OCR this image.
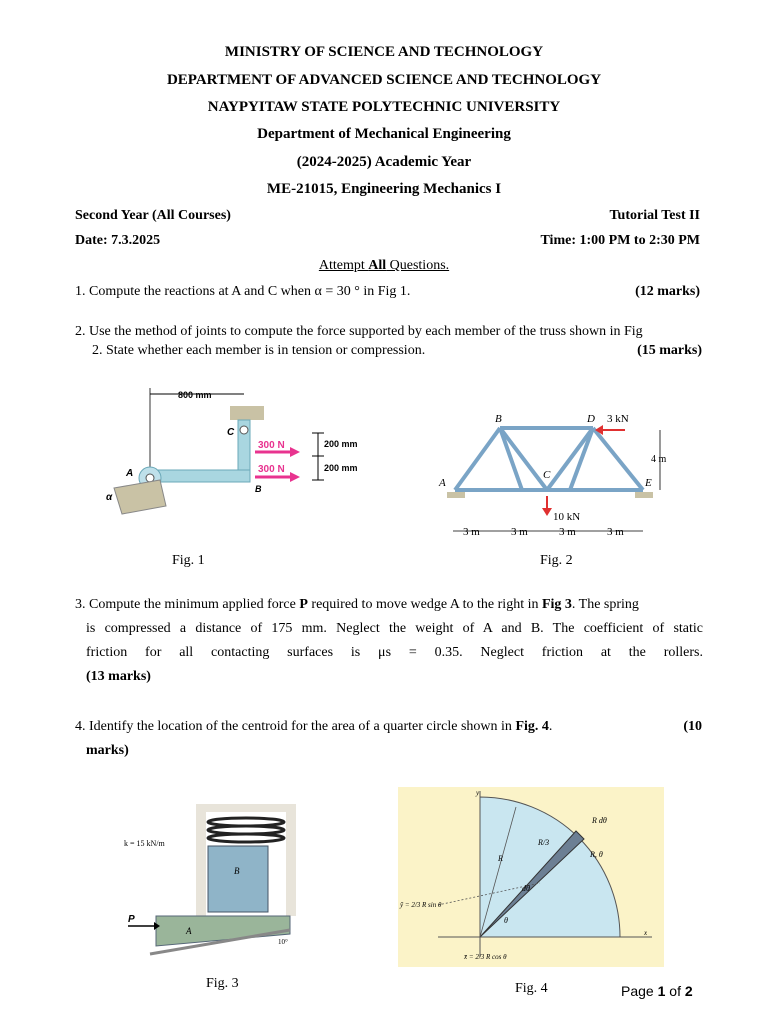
MINISTRY OF SCIENCE AND TECHNOLOGY
DEPARTMENT OF ADVANCED SCIENCE AND TECHNOLOGY
NAYPYITAW STATE POLYTECHNIC UNIVERSITY
Department of Mechanical Engineering
(2024-2025) Academic Year
ME-21015, Engineering Mechanics I
Second Year (All Courses)	Tutorial Test II
Date: 7.3.2025	Time: 1:00 PM to 2:30 PM
Attempt All Questions.
1. Compute the reactions at A and C when α = 30 ° in Fig 1.	(12 marks)
2. Use the method of joints to compute the force supported by each member of the truss shown in Fig
2. State whether each member is in tension or compression.	(15 marks)
800 mm
C
A
B
α
300 N
300 N
200 mm
200 mm
Fig. 1
B	D
C
A	E
3 kN
10 kN
4 m
3 m	3 m	3 m	3 m
Fig. 2
3. Compute the minimum applied force P required to move wedge A to the right in Fig 3. The spring
is compressed a distance of 175 mm. Neglect the weight of A and B. The coefficient of static
friction for all contacting surfaces is μs = 0.35. Neglect friction at the rollers.
(13 marks)
4. Identify the location of the centroid for the area of a quarter circle shown in Fig. 4.	(10
marks)
B
k = 15 kN/m
A
P
10°
Fig. 3
R dθ
R, θ
R
R/3
dθ
θ
y
x
ȳ = 2/3 R sin θ
x̄ = 2/3 R cos θ
Fig. 4	Page 1 of 2
